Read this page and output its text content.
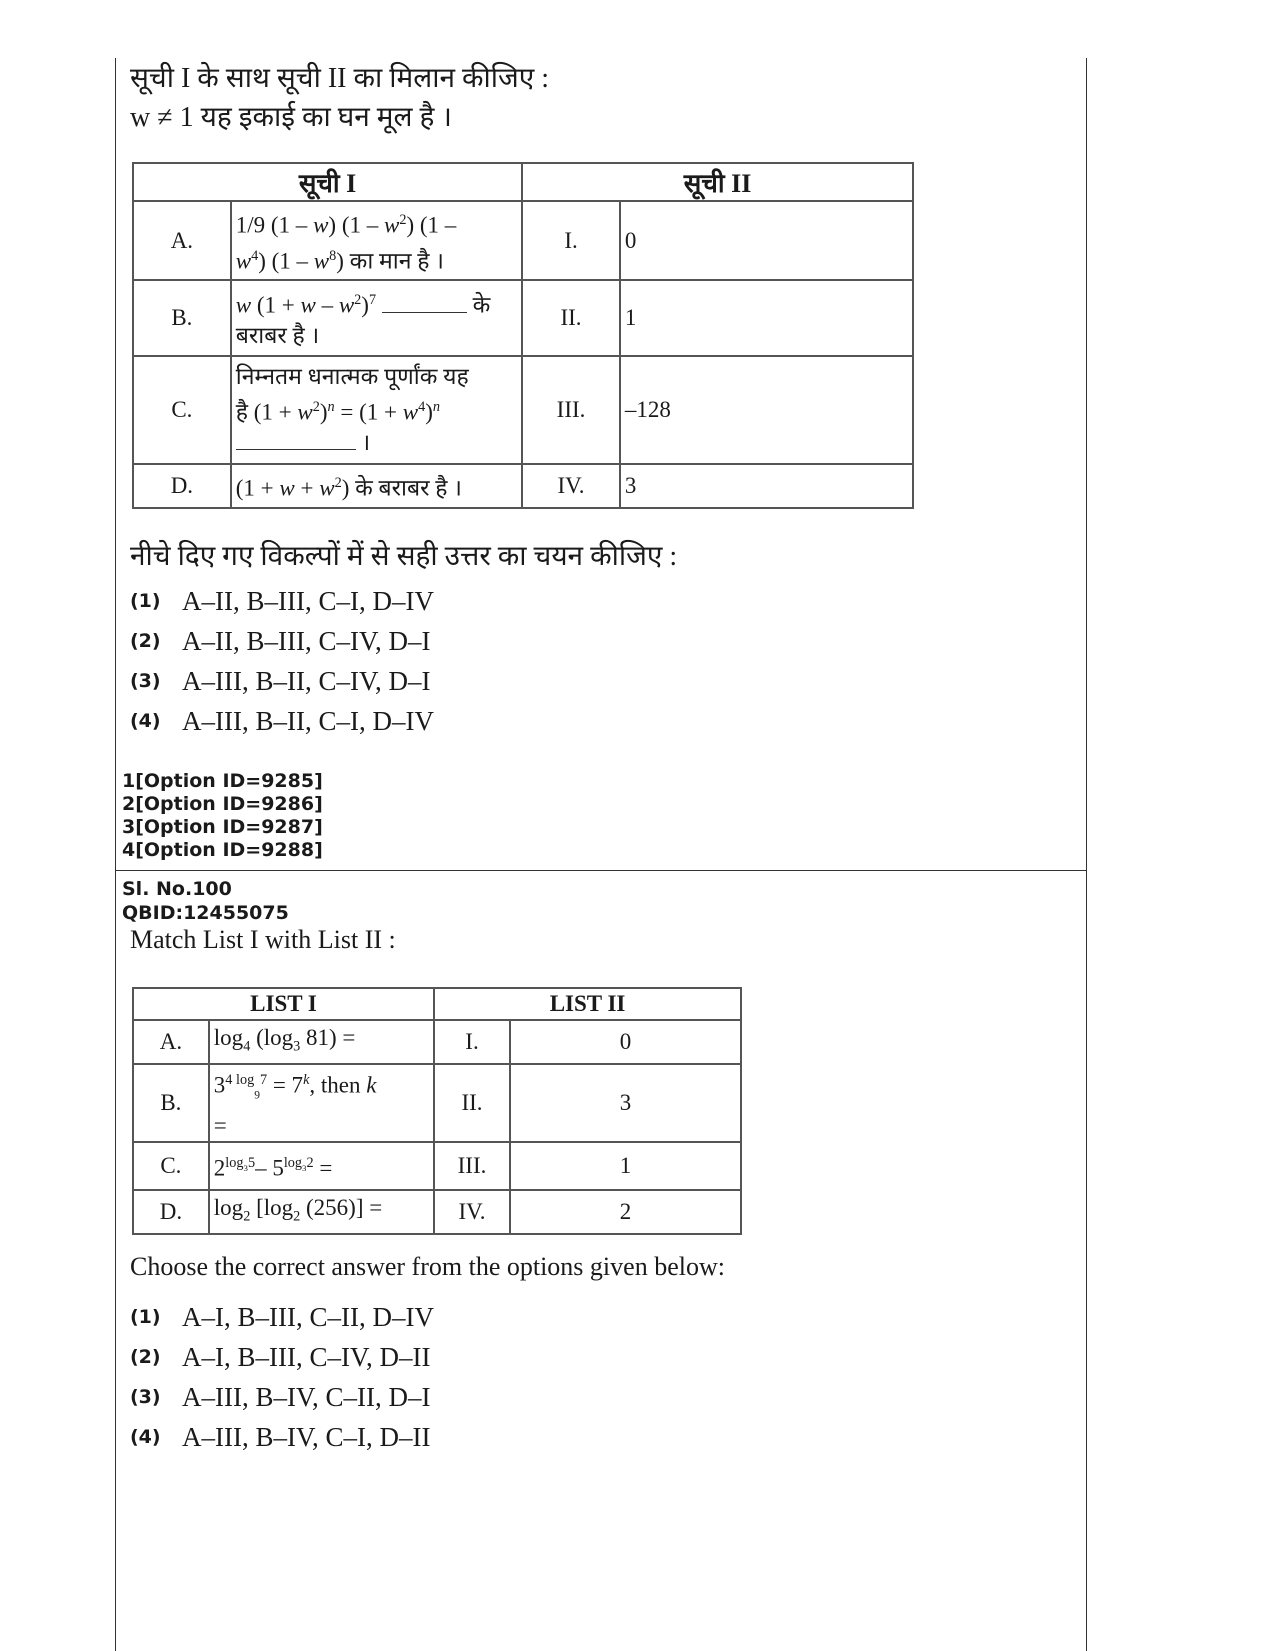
सूची I के साथ सूची II का मिलान कीजिए :
w ≠ 1 यह इकाई का घन मूल है ।
सूची I		सूची II	
A.	1/9 (1 – w) $(1 - w^2)$ (1 –
$w^4$) $(1 - w^8)$ का मान है ।	I.	0
B.	w $(1 + w - w^2)^7$ के
बराबर है ।	II.	1
C.	निम्नतम धनात्मक पूर्णांक यह
है $(1 + w^2)^n = (1 + w^4)^n$
।	III.	–128
D.	$(1 + w + w^2)$ के बराबर है ।	IV.	3
नीचे दिए गए विकल्पों में से सही उत्तर का चयन कीजिए :
(1) A–II, B–III, C–I, D–IV
(2) A–II, B–III, C–IV, D–I
(3) A–III, B–II, C–IV, D–I
(4) A–III, B–II, C–I, D–IV
1[Option ID=9285]
2[Option ID=9286]
3[Option ID=9287]
4[Option ID=9288]
Sl. No.100
QBID:12455075
Match List I with List II :
LIST I		LIST II	
A.	$\log_4 (\log_3$ 81) =	I.	0
B.	$3^{4 log}_9^7 = 7^k$, then k
=	II.	3
C.	$2^{log_35}-$ $5^{log_32}$ =	III.	1
D.	$\log_2 [\log_2$ (256)] =	IV.	2
Choose the correct answer from the options given below:
(1) A–I, B–III, C–II, D–IV
(2) A–I, B–III, C–IV, D–II
(3) A–III, B–IV, C–II, D–I
(4) A–III, B–IV, C–I, D–II
